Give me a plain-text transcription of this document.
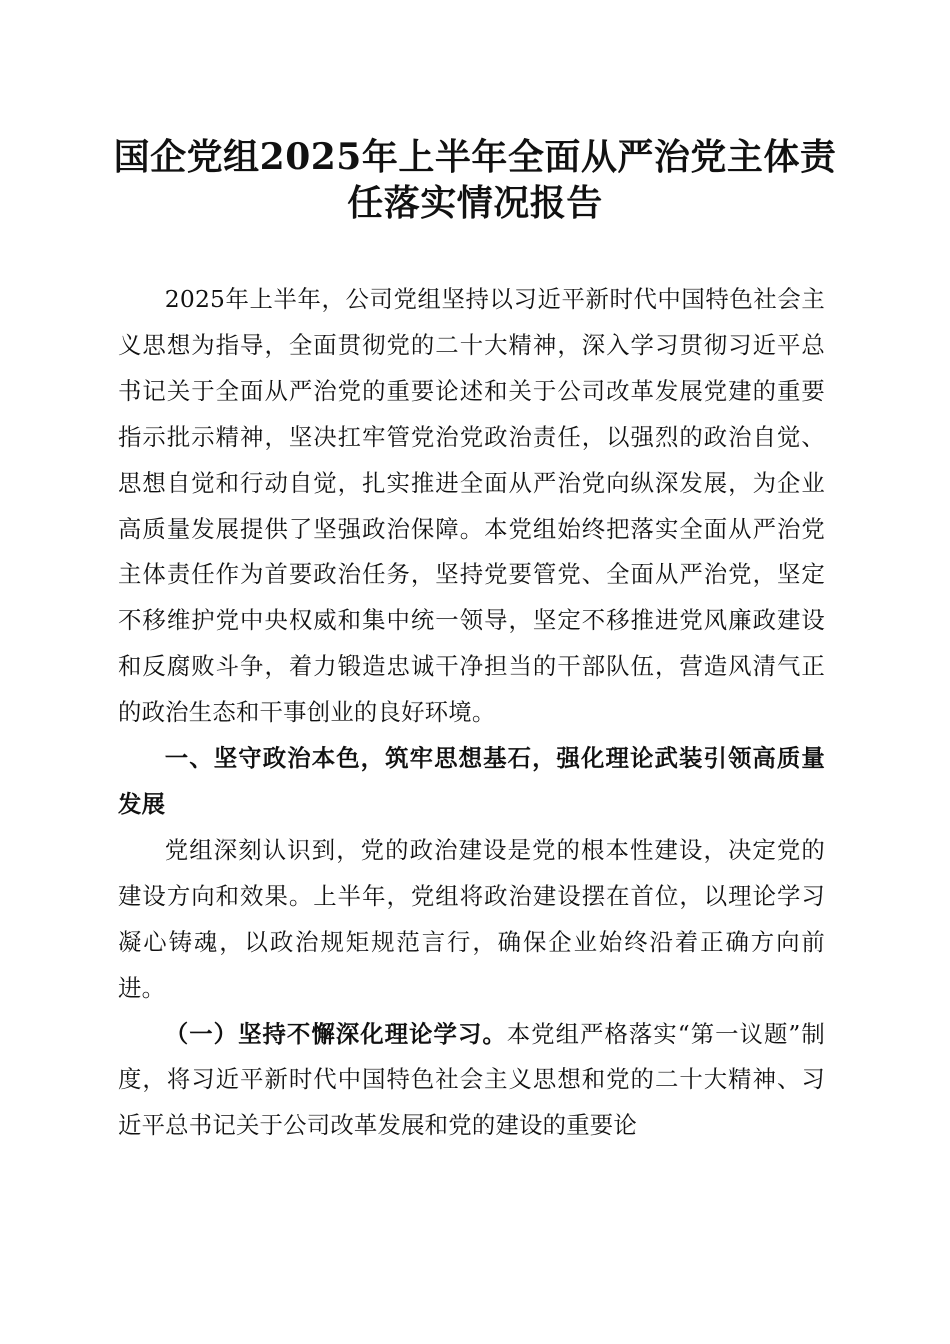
国企党组2025年上半年全面从严治党主体责
任落实情况报告

2025年上半年，公司党组坚持以习近平新时代中国特色社会主义思想为指导，全面贯彻党的二十大精神，深入学习贯彻习近平总书记关于全面从严治党的重要论述和关于公司改革发展党建的重要指示批示精神，坚决扛牢管党治党政治责任，以强烈的政治自觉、思想自觉和行动自觉，扎实推进全面从严治党向纵深发展，为企业高质量发展提供了坚强政治保障。本党组始终把落实全面从严治党主体责任作为首要政治任务，坚持党要管党、全面从严治党，坚定不移维护党中央权威和集中统一领导，坚定不移推进党风廉政建设和反腐败斗争，着力锻造忠诚干净担当的干部队伍，营造风清气正的政治生态和干事创业的良好环境。

一、坚守政治本色，筑牢思想基石，强化理论武装引领高质量发展

党组深刻认识到，党的政治建设是党的根本性建设，决定党的建设方向和效果。上半年，党组将政治建设摆在首位，以理论学习凝心铸魂，以政治规矩规范言行，确保企业始终沿着正确方向前进。

（一）坚持不懈深化理论学习。本党组严格落实“第一议题”制度，将习近平新时代中国特色社会主义思想和党的二十大精神、习近平总书记关于公司改革发展和党的建设的重要论
